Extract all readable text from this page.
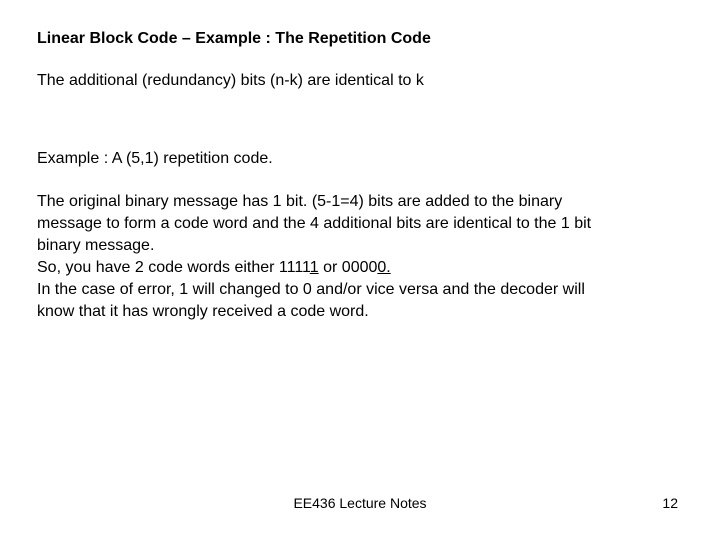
Linear Block Code – Example : The Repetition Code
The additional (redundancy) bits (n-k) are identical to k
Example : A (5,1) repetition code.
The original binary message has 1 bit. (5-1=4) bits are added to the binary
message to form a code word and the 4 additional bits are identical to the 1 bit
binary message.
So, you have 2 code words either 11111 or 00000.
In the case of error, 1 will changed to 0 and/or vice versa and the decoder will
know that it has wrongly received a code word.
EE436 Lecture Notes	12
